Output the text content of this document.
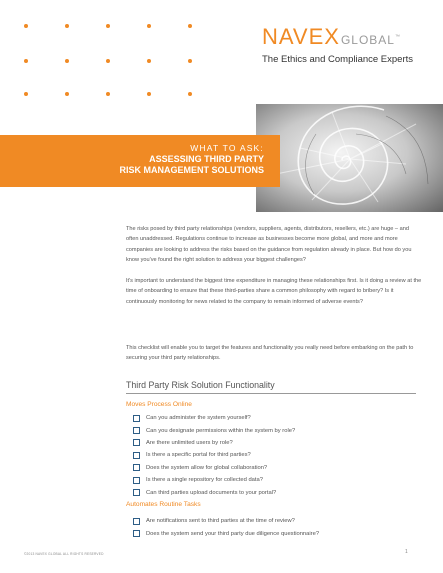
NAVEXGLOBAL™
The Ethics and Compliance Experts
WHAT TO ASK:
ASSESSING THIRD PARTY
RISK MANAGEMENT SOLUTIONS

The risks posed by third party relationships (vendors, suppliers, agents, distributors, resellers, etc.) are huge – and often unaddressed. Regulations continue to increase as businesses become more global, and more and more companies are looking to address the risks based on the guidance from regulation already in place. But how do you know you've found the right solution to address your biggest challenges?

It's important to understand the biggest time expenditure in managing these relationships first. Is it doing a review at the time of onboarding to ensure that these third-parties share a common philosophy with regard to bribery? Is it continuously monitoring for news related to the company to remain informed of adverse events?

This checklist will enable you to target the features and functionality you really need before embarking on the path to securing your third party relationships.

Third Party Risk Solution Functionality
Moves Process Online
Can you administer the system yourself?
Can you designate permissions within the system by role?
Are there unlimited users by role?
Is there a specific portal for third parties?
Does the system allow for global collaboration?
Is there a single repository for collected data?
Can third parties upload documents to your portal?
Automates Routine Tasks
Are notifications sent to third parties at the time of review?
Does the system send your third party due diligence questionnaire?
©2013 NAVEX GLOBAL ALL RIGHTS RESERVED	1
